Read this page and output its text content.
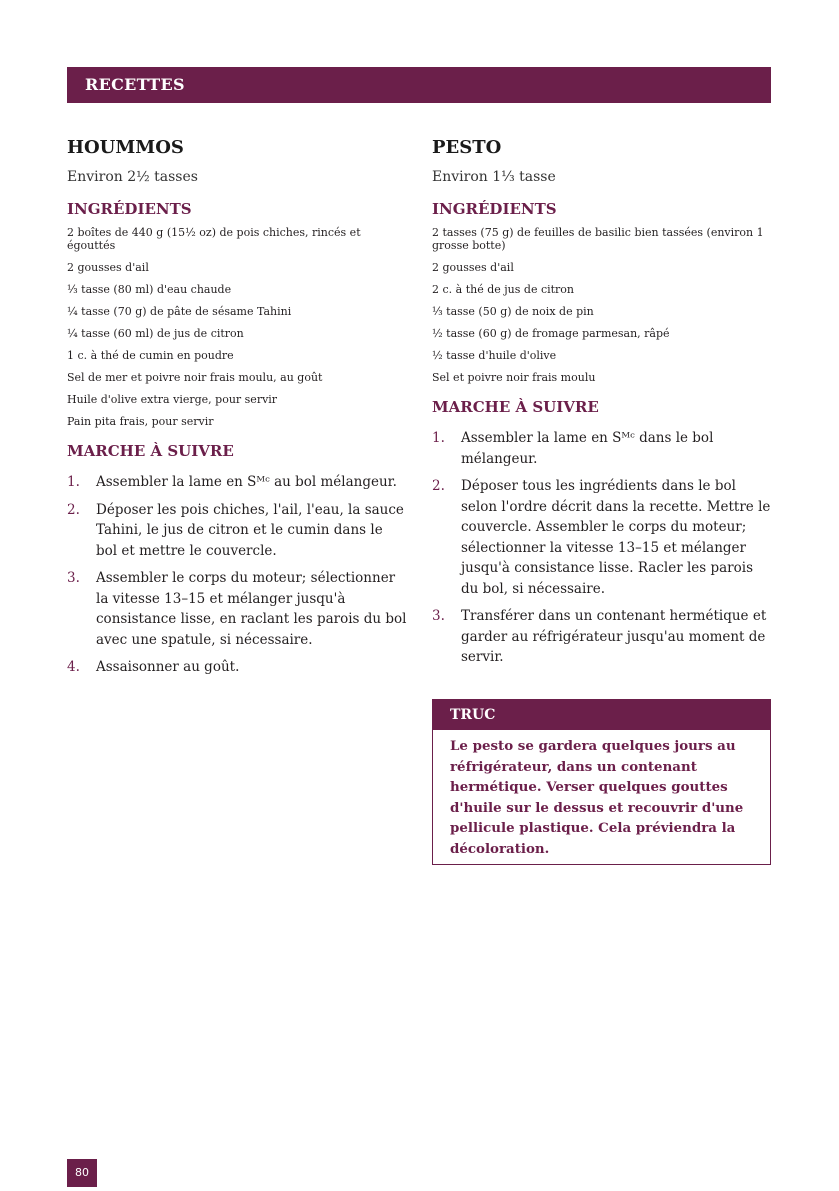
RECETTES
HOUMMOS
Environ 2½ tasses
INGRÉDIENTS
2 boîtes de 440 g (15½ oz) de pois chiches, rincés et égouttés
2 gousses d'ail
⅓ tasse (80 ml) d'eau chaude
¼ tasse (70 g) de pâte de sésame Tahini
¼ tasse (60 ml) de jus de citron
1 c. à thé de cumin en poudre
Sel de mer et poivre noir frais moulu, au goût
Huile d'olive extra vierge, pour servir
Pain pita frais, pour servir
MARCHE À SUIVRE
1. Assembler la lame en Sᴹᶜ au bol mélangeur.
2. Déposer les pois chiches, l'ail, l'eau, la sauce Tahini, le jus de citron et le cumin dans le bol et mettre le couvercle.
3. Assembler le corps du moteur; sélectionner la vitesse 13–15 et mélanger jusqu'à consistance lisse, en raclant les parois du bol avec une spatule, si nécessaire.
4. Assaisonner au goût.
PESTO
Environ 1⅓ tasse
INGRÉDIENTS
2 tasses (75 g) de feuilles de basilic bien tassées (environ 1 grosse botte)
2 gousses d'ail
2 c. à thé de jus de citron
⅓ tasse (50 g) de noix de pin
½ tasse (60 g) de fromage parmesan, râpé
½ tasse d'huile d'olive
Sel et poivre noir frais moulu
MARCHE À SUIVRE
1. Assembler la lame en Sᴹᶜ dans le bol mélangeur.
2. Déposer tous les ingrédients dans le bol selon l'ordre décrit dans la recette. Mettre le couvercle. Assembler le corps du moteur; sélectionner la vitesse 13–15 et mélanger jusqu'à consistance lisse. Racler les parois du bol, si nécessaire.
3. Transférer dans un contenant hermétique et garder au réfrigérateur jusqu'au moment de servir.
TRUC
Le pesto se gardera quelques jours au réfrigérateur, dans un contenant hermétique. Verser quelques gouttes d'huile sur le dessus et recouvrir d'une pellicule plastique. Cela préviendra la décoloration.
80
